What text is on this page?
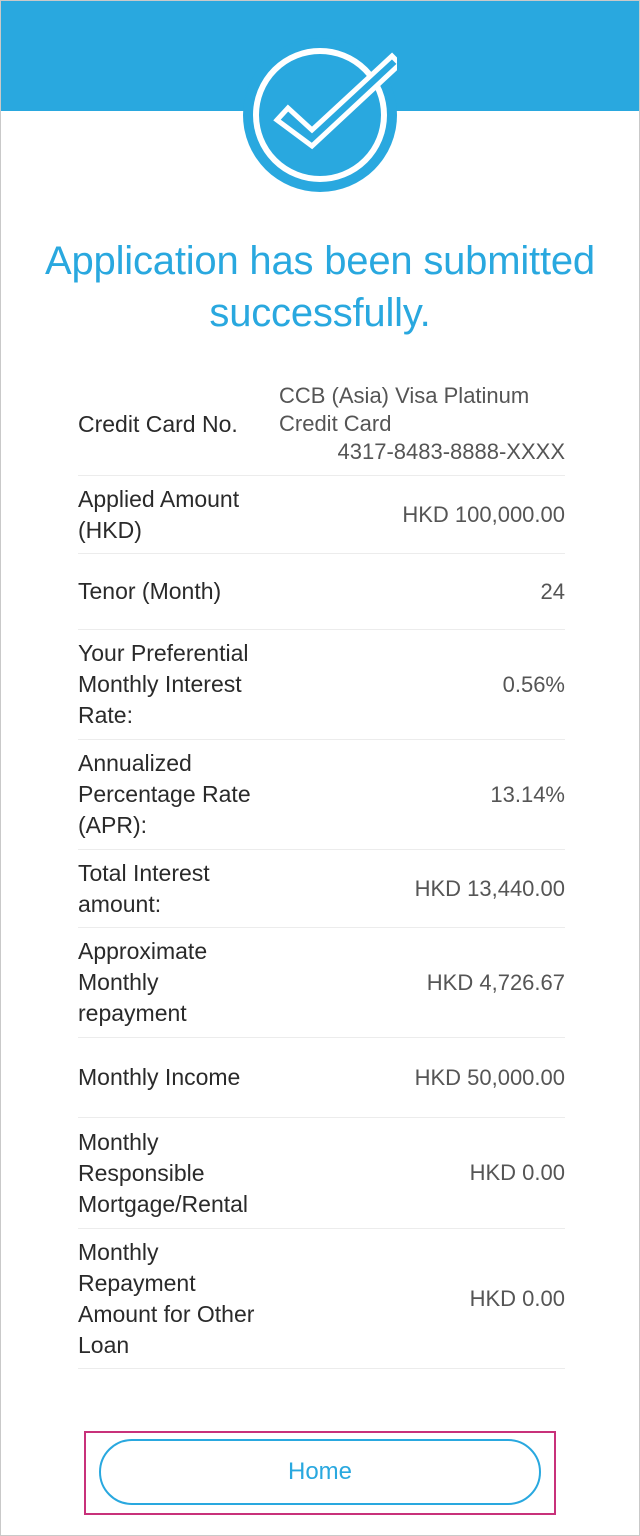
Application has been submitted
successfully.
Credit Card No.
CCB (Asia) Visa Platinum
Credit Card
4317-8483-8888-XXXX
Applied Amount
(HKD)
HKD 100,000.00
Tenor (Month)	24
Your Preferential
Monthly Interest
Rate:
0.56%
Annualized
Percentage Rate
(APR):
13.14%
Total Interest
amount:
HKD 13,440.00
Approximate
Monthly
repayment
HKD 4,726.67
Monthly Income	HKD 50,000.00
Monthly
Responsible
Mortgage/Rental
HKD 0.00
Monthly
Repayment
Amount for Other
Loan
HKD 0.00
Home
